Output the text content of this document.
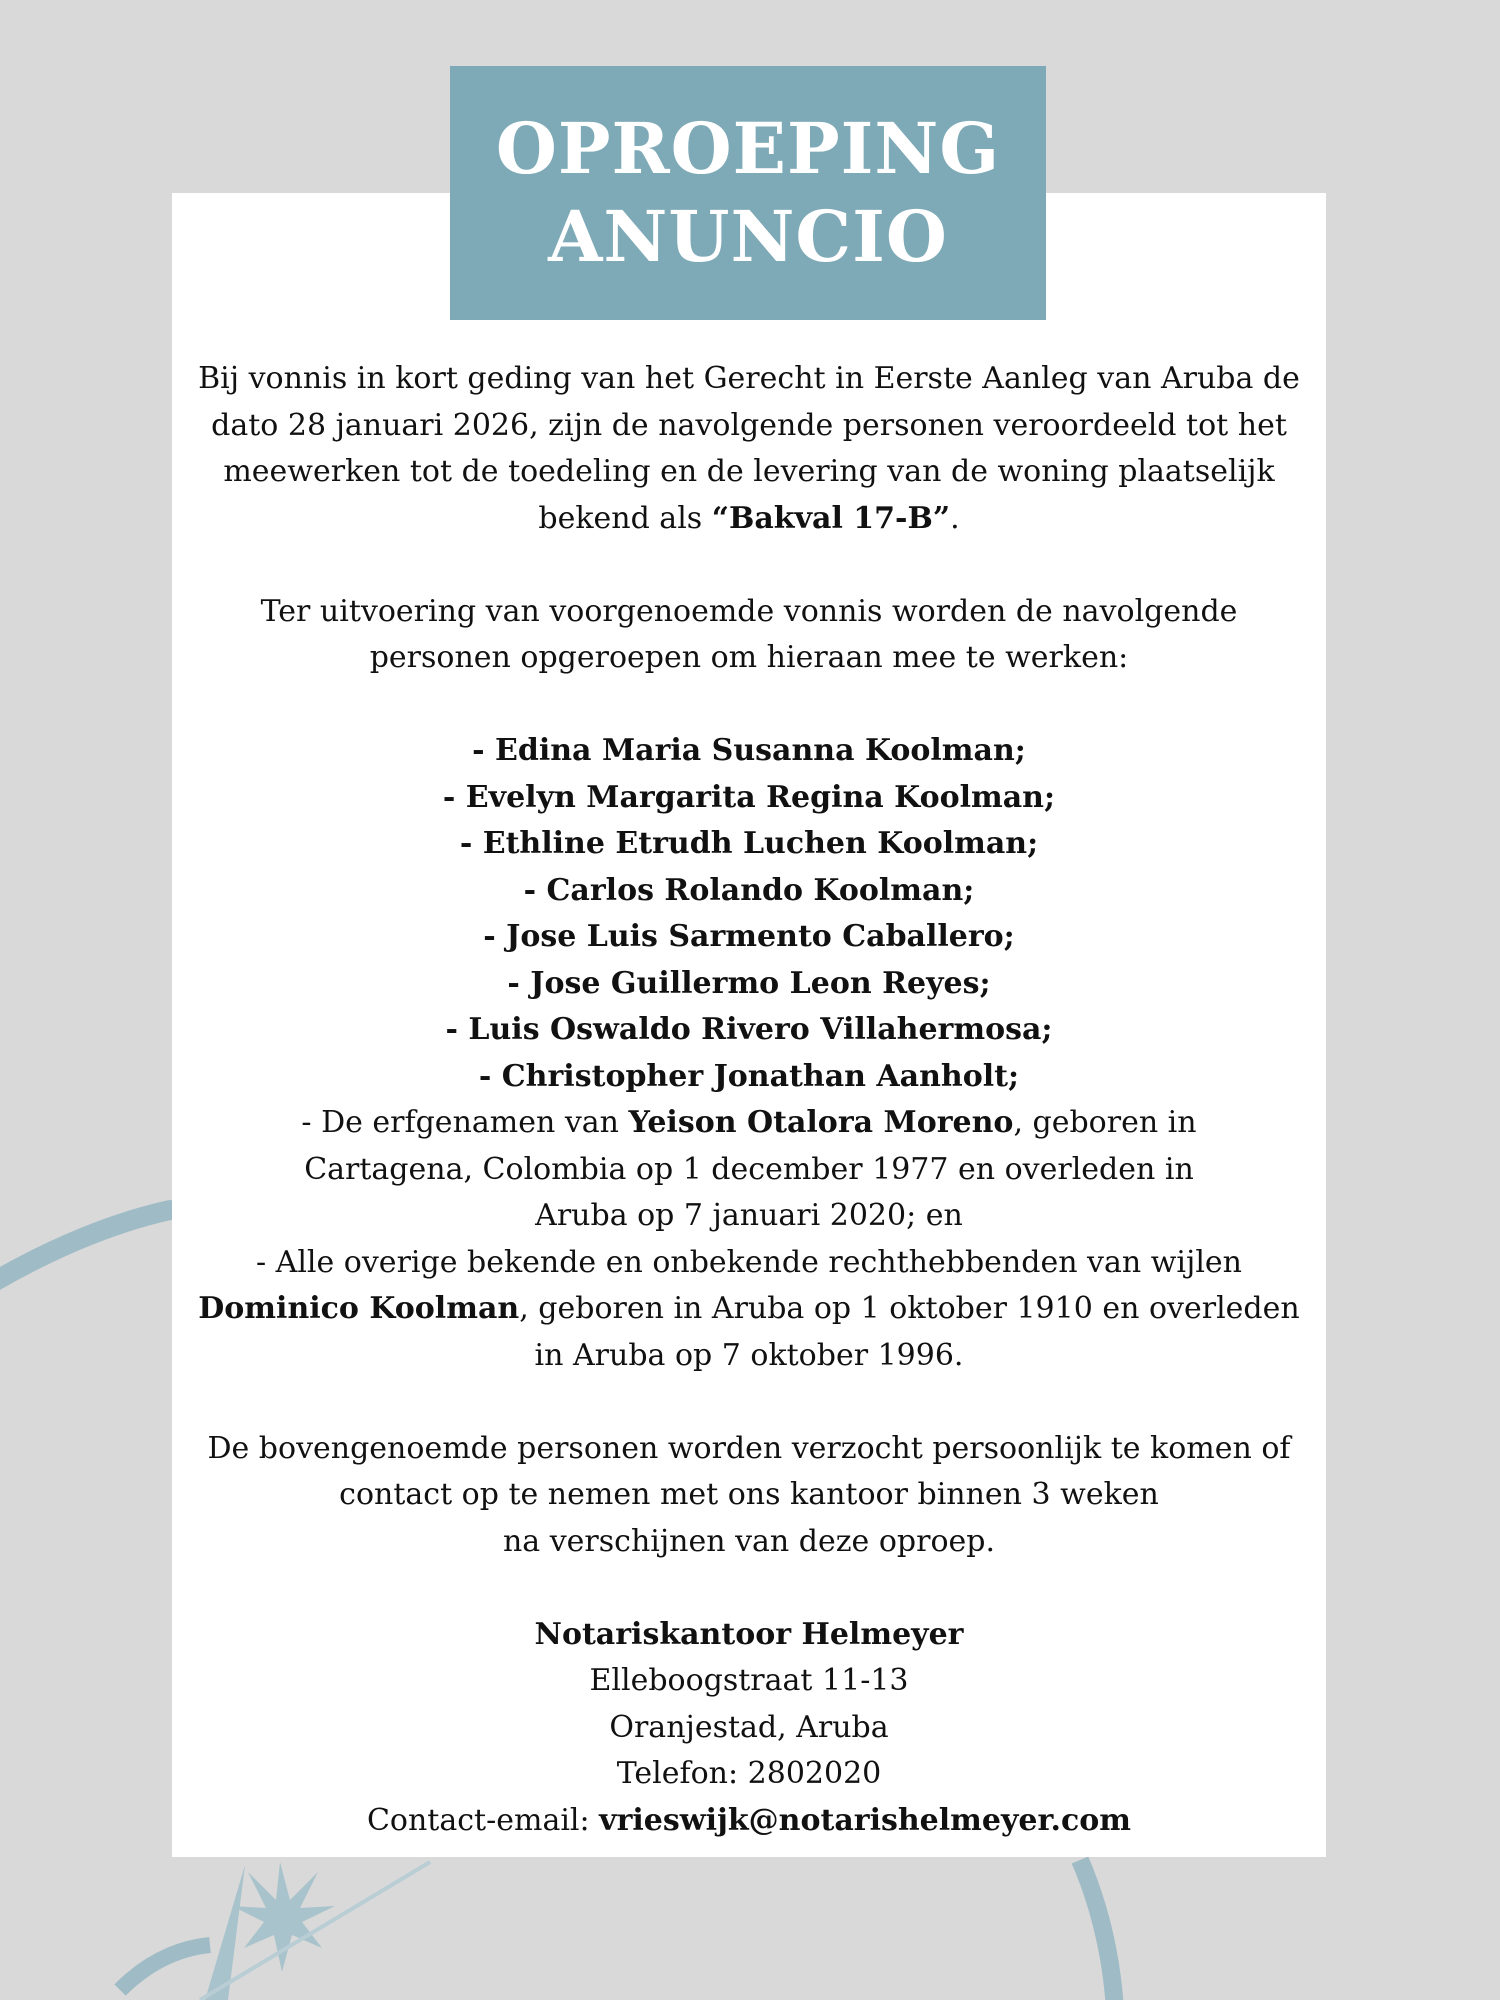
OPROEPING
ANUNCIO
Bij vonnis in kort geding van het Gerecht in Eerste Aanleg van Aruba de
dato 28 januari 2026, zijn de navolgende personen veroordeeld tot het
meewerken tot de toedeling en de levering van de woning plaatselijk
bekend als “Bakval 17-B”.
Ter uitvoering van voorgenoemde vonnis worden de navolgende
personen opgeroepen om hieraan mee te werken:
- Edina Maria Susanna Koolman;
- Evelyn Margarita Regina Koolman;
- Ethline Etrudh Luchen Koolman;
- Carlos Rolando Koolman;
- Jose Luis Sarmento Caballero;
- Jose Guillermo Leon Reyes;
- Luis Oswaldo Rivero Villahermosa;
- Christopher Jonathan Aanholt;
- De erfgenamen van Yeison Otalora Moreno, geboren in
Cartagena, Colombia op 1 december 1977 en overleden in
Aruba op 7 januari 2020; en
- Alle overige bekende en onbekende rechthebbenden van wijlen
Dominico Koolman, geboren in Aruba op 1 oktober 1910 en overleden
in Aruba op 7 oktober 1996.
De bovengenoemde personen worden verzocht persoonlijk te komen of
contact op te nemen met ons kantoor binnen 3 weken
na verschijnen van deze oproep.
Notariskantoor Helmeyer
Elleboogstraat 11-13
Oranjestad, Aruba
Telefon: 2802020
Contact-email: vrieswijk@notarishelmeyer.com
